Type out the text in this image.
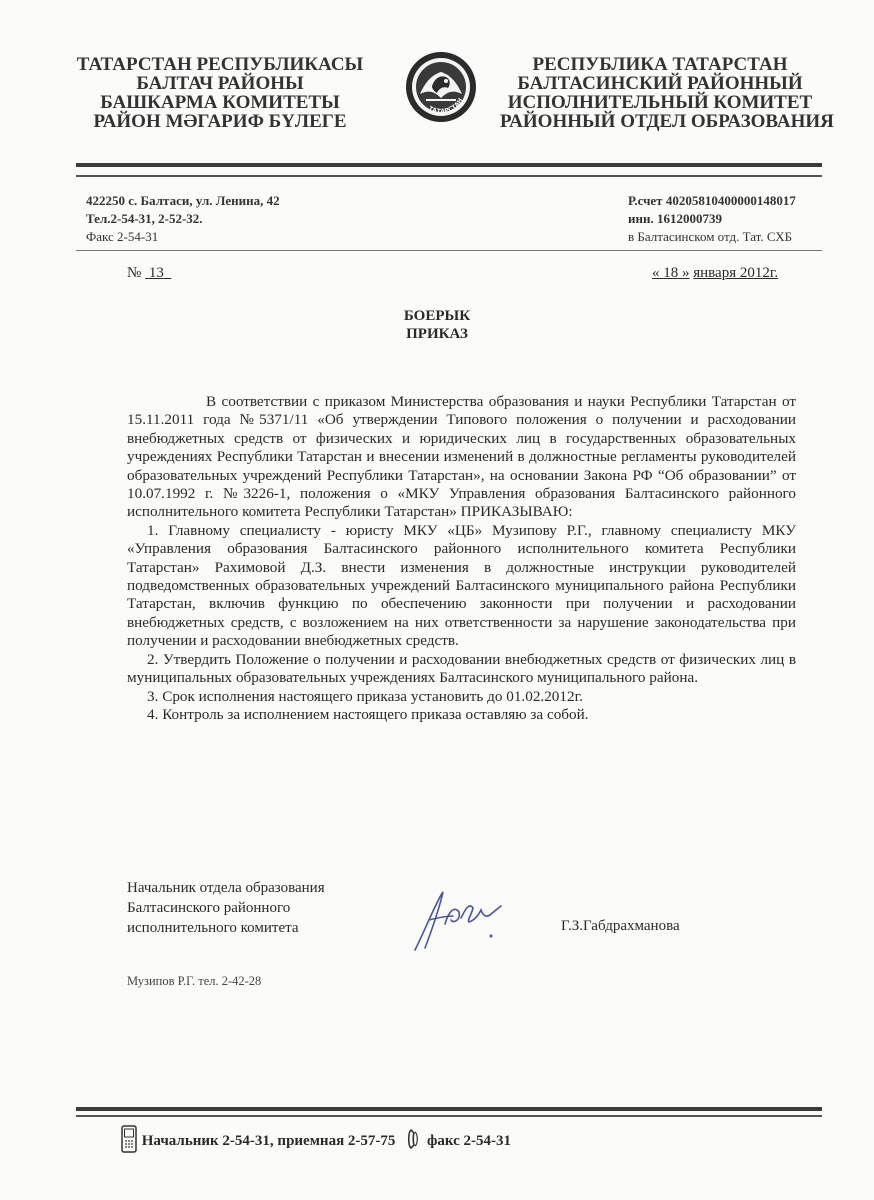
ТАТАРСТАН РЕСПУБЛИКАСЫ
БАЛТАЧ РАЙОНЫ
БАШКАРМА КОМИТЕТЫ
РАЙОН МӘГАРИФ БҮЛЕГЕ
ТАТАРСТАН
РЕСПУБЛИКА ТАТАРСТАН
БАЛТАСИНСКИЙ РАЙОННЫЙ
ИСПОЛНИТЕЛЬНЫЙ КОМИТЕТ
РАЙОННЫЙ ОТДЕЛ ОБРАЗОВАНИЯ
422250 с. Балтаси, ул. Ленина, 42
Тел.2-54-31, 2-52-32.
Факс 2-54-31
Р.счет 40205810400000148017
инн. 1612000739
в Балтасинском отд. Тат. СХБ
№ 13	« 18 » января 2012г.
БОЕРЫК
ПРИКАЗ

В соответствии с приказом Министерства образования и науки Республики Татарстан от 15.11.2011 года №5371/11 «Об утверждении Типового положения о получении и расходовании внебюджетных средств от физических и юридических лиц в государственных образовательных учреждениях Республики Татарстан и внесении изменений в должностные регламенты руководителей образовательных учреждений Республики Татарстан», на основании Закона РФ “Об образовании” от 10.07.1992 г. №3226-1, положения о «МКУ Управления образования Балтасинского районного исполнительного комитета Республики Татарстан» ПРИКАЗЫВАЮ:

1. Главному специалисту - юристу МКУ «ЦБ» Музипову Р.Г., главному специалисту МКУ «Управления образования Балтасинского районного исполнительного комитета Республики Татарстан» Рахимовой Д.З. внести изменения в должностные инструкции руководителей подведомственных образовательных учреждений Балтасинского муниципального района Республики Татарстан, включив функцию по обеспечению законности при получении и расходовании внебюджетных средств, с возложением на них ответственности за нарушение законодательства при получении и расходовании внебюджетных средств.

2. Утвердить Положение о получении и расходовании внебюджетных средств от физических лиц в муниципальных образовательных учреждениях Балтасинского муниципального района.

3. Срок исполнения настоящего приказа установить до 01.02.2012г.

4. Контроль за исполнением настоящего приказа оставляю за собой.

Начальник отдела образования
Балтасинского районного
исполнительного комитета	Г.З.Габдрахманова
Музипов Р.Г. тел. 2-42-28
Начальник 2-54-31, приемная 2-57-75 факс 2-54-31
